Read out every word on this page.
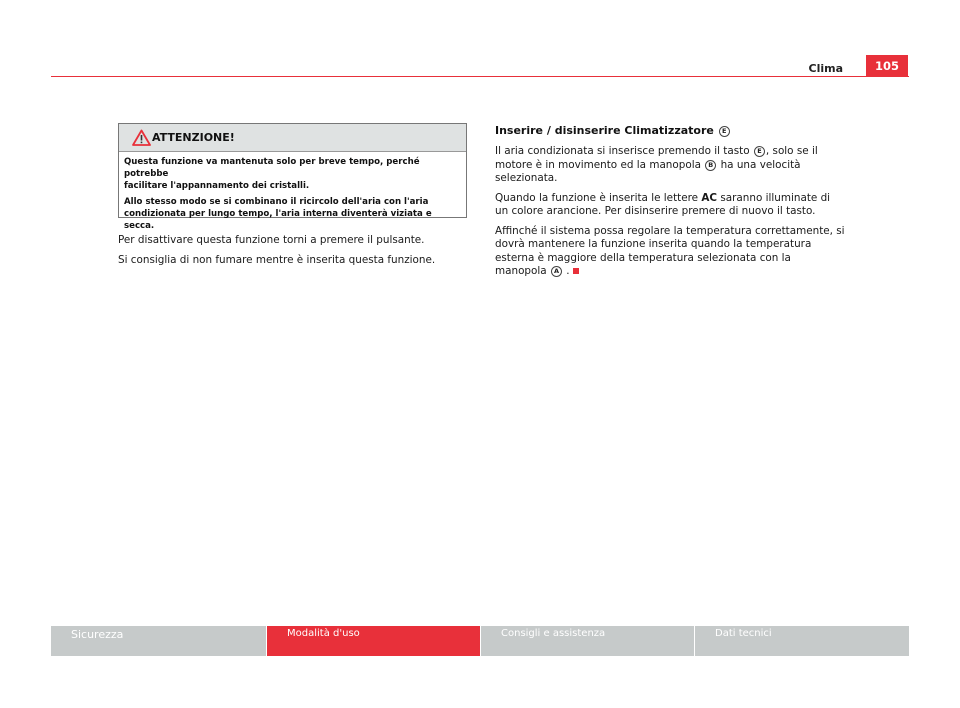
Clima	105
ATTENZIONE!

Questa funzione va mantenuta solo per breve tempo, perché potrebbe
facilitare l'appannamento dei cristalli.

Allo stesso modo se si combinano il ricircolo dell'aria con l'aria
condizionata per lungo tempo, l'aria interna diventerà viziata e secca.

Per disattivare questa funzione torni a premere il pulsante.

Si consiglia di non fumare mentre è inserita questa funzione.

Inserire / disinserire Climatizzatore E

Il aria condizionata si inserisce premendo il tasto E , solo se il
motore è in movimento ed la manopola B ha una velocità
selezionata.

Quando la funzione è inserita le lettere AC saranno illuminate di
un colore arancione. Per disinserire premere di nuovo il tasto.

Affinché il sistema possa regolare la temperatura correttamente, si
dovrà mantenere la funzione inserita quando la temperatura
esterna è maggiore della temperatura selezionata con la
manopola A .

Sicurezza	Modalità d'uso	Consigli e assistenza	Dati tecnici
